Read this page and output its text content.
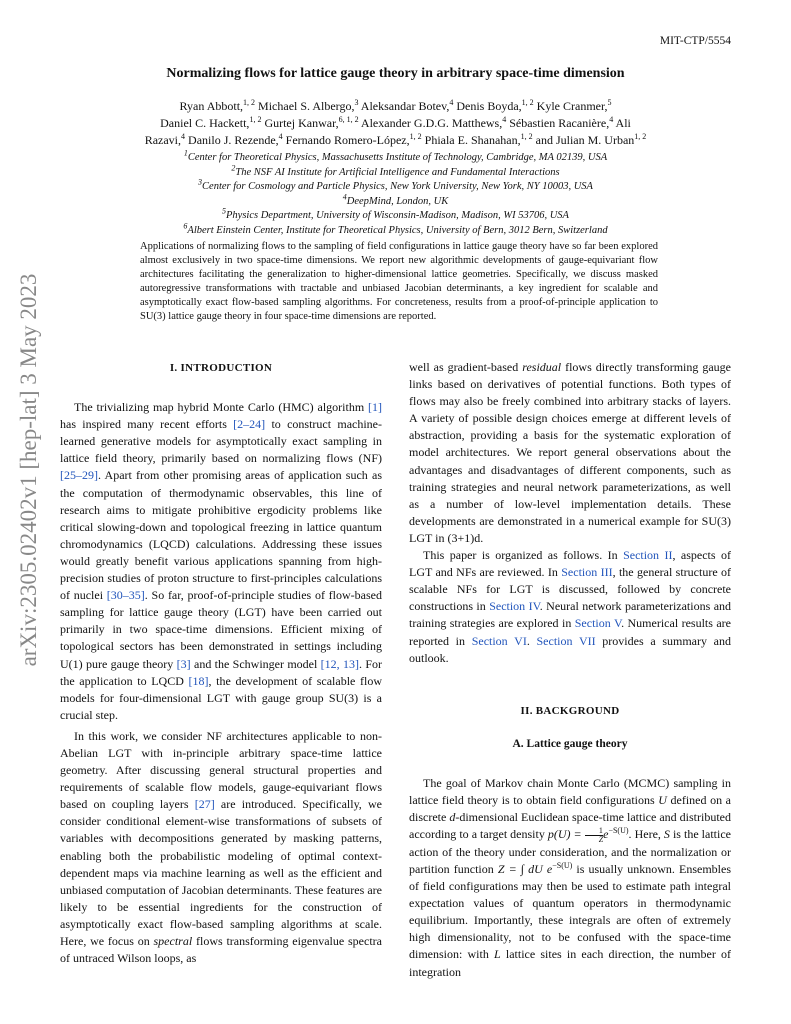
arXiv:2305.02402v1 [hep-lat] 3 May 2023
MIT-CTP/5554
Normalizing flows for lattice gauge theory in arbitrary space-time dimension
Ryan Abbott,$^{1, 2}$ Michael S. Albergo,$^3$ Aleksandar Botev,$^4$ Denis Boyda,$^{1, 2}$ Kyle Cranmer,$^5$
Daniel C. Hackett,$^{1, 2}$ Gurtej Kanwar,$^{6, 1, 2}$ Alexander G.D.G. Matthews,$^4$ Sébastien Racanière,$^4$ Ali
Razavi,$^4$ Danilo J. Rezende,$^4$ Fernando Romero-López,$^{1, 2}$ Phiala E. Shanahan,$^{1, 2}$ and Julian M. Urban$^{1, 2}$
$^1$Center for Theoretical Physics, Massachusetts Institute of Technology, Cambridge, MA 02139, USA
$^2$The NSF AI Institute for Artificial Intelligence and Fundamental Interactions
$^3$Center for Cosmology and Particle Physics, New York University, New York, NY 10003, USA
$^4$DeepMind, London, UK
$^5$Physics Department, University of Wisconsin-Madison, Madison, WI 53706, USA
$^6$Albert Einstein Center, Institute for Theoretical Physics, University of Bern, 3012 Bern, Switzerland
Applications of normalizing flows to the sampling of field configurations in lattice gauge theory have so far been explored almost exclusively in two space-time dimensions. We report new algorithmic developments of gauge-equivariant flow architectures facilitating the generalization to higher-dimensional lattice geometries. Specifically, we discuss masked autoregressive transformations with tractable and unbiased Jacobian determinants, a key ingredient for scalable and asymptotically exact flow-based sampling algorithms. For concreteness, results from a proof-of-principle application to SU(3) lattice gauge theory in four space-time dimensions are reported.
I. INTRODUCTION

The trivializing map hybrid Monte Carlo (HMC) algorithm [1] has inspired many recent efforts [2–24] to construct machine-learned generative models for asymptotically exact sampling in lattice field theory, primarily based on normalizing flows (NF) [25–29]. Apart from other promising areas of application such as the computation of thermodynamic observables, this line of research aims to mitigate prohibitive ergodicity problems like critical slowing-down and topological freezing in lattice quantum chromodynamics (LQCD) calculations. Addressing these issues would greatly benefit various applications spanning from high-precision studies of proton structure to first-principles calculations of nuclei [30–35]. So far, proof-of-principle studies of flow-based sampling for lattice gauge theory (LGT) have been carried out primarily in two space-time dimensions. Efficient mixing of topological sectors has been demonstrated in settings including U(1) pure gauge theory [3] and the Schwinger model [12, 13]. For the application to LQCD [18], the development of scalable flow models for four-dimensional LGT with gauge group SU(3) is a crucial step.

In this work, we consider NF architectures applicable to non-Abelian LGT with in-principle arbitrary space-time lattice geometry. After discussing general structural properties and requirements of scalable flow models, gauge-equivariant flows based on coupling layers [27] are introduced. Specifically, we consider conditional element-wise transformations of subsets of variables with decompositions generated by masking patterns, enabling both the probabilistic modeling of optimal context-dependent maps via machine learning as well as the efficient and unbiased computation of Jacobian determinants. These features are likely to be essential ingredients for the construction of asymptotically exact flow-based sampling algorithms at scale. Here, we focus on spectral flows transforming eigenvalue spectra of untraced Wilson loops, as

well as gradient-based residual flows directly transforming gauge links based on derivatives of potential functions. Both types of flows may also be freely combined into arbitrary stacks of layers. A variety of possible design choices emerge at different levels of abstraction, providing a basis for the systematic exploration of model architectures. We report general observations about the advantages and disadvantages of different components, such as training strategies and neural network parameterizations, as well as a number of low-level implementation details. These developments are demonstrated in a numerical example for SU(3) LGT in (3+1)d.

This paper is organized as follows. In Section II, aspects of LGT and NFs are reviewed. In Section III, the general structure of scalable NFs for LGT is discussed, followed by concrete constructions in Section IV. Neural network parameterizations and training strategies are explored in Section V. Numerical results are reported in Section VI. Section VII provides a summary and outlook.

II. BACKGROUND
A. Lattice gauge theory

The goal of Markov chain Monte Carlo (MCMC) sampling in lattice field theory is to obtain field configurations U defined on a discrete d-dimensional Euclidean space-time lattice and distributed according to a target density $p(U) = \frac{1}{Z} e^{-S(U)}$. Here, S is the lattice action of the theory under consideration, and the normalization or partition function Z = ∫ dU $e^{-S(U)}$ is usually unknown. Ensembles of field configurations may then be used to estimate path integral expectation values of quantum operators in thermodynamic equilibrium. Importantly, these integrals are often of extremely high dimensionality, not to be confused with the space-time dimension: with L lattice sites in each direction, the number of integration
